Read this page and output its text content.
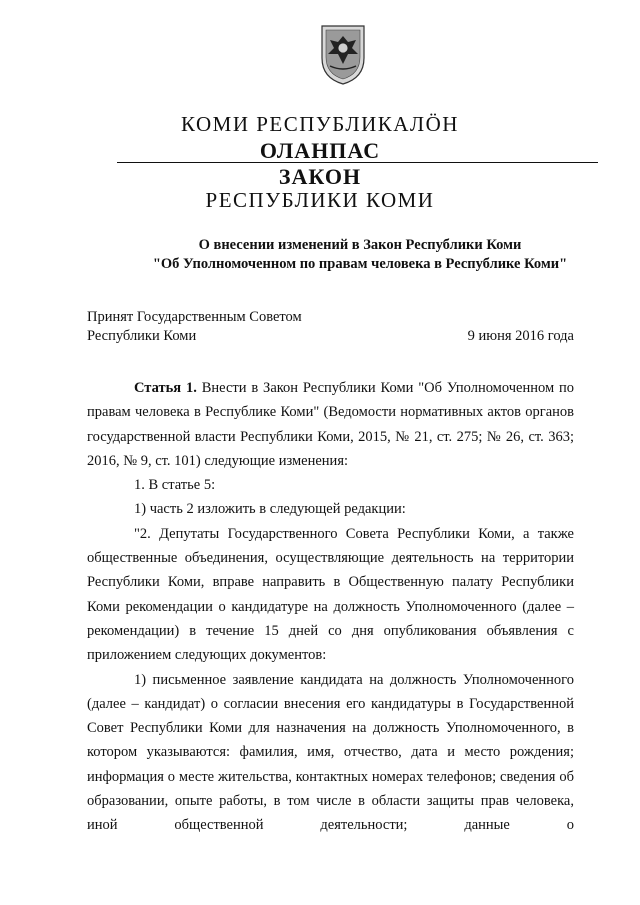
КОМИ РЕСПУБЛИКАЛÖН
ОЛАНПАС
ЗАКОН
РЕСПУБЛИКИ КОМИ
О внесении изменений в Закон Республики Коми
"Об Уполномоченном по правам человека в Республике Коми"
Принят Государственным Советом
Республики Коми	9 июня 2016 года

Статья 1. Внести в Закон Республики Коми "Об Уполномоченном по правам человека в Республике Коми" (Ведомости нормативных актов органов государственной власти Республики Коми, 2015, № 21, ст. 275; № 26, ст. 363; 2016, № 9, ст. 101) следующие изменения:

1. В статье 5:

1) часть 2 изложить в следующей редакции:

"2. Депутаты Государственного Совета Республики Коми, а также общественные объединения, осуществляющие деятельность на территории Республики Коми, вправе направить в Общественную палату Республики Коми рекомендации о кандидатуре на должность Уполномоченного (далее – рекомендации) в течение 15 дней со дня опубликования объявления с приложением следующих документов:

1) письменное заявление кандидата на должность Уполномоченного (далее – кандидат) о согласии внесения его кандидатуры в Государственной Совет Республики Коми для назначения на должность Уполномоченного, в котором указываются: фамилия, имя, отчество, дата и место рождения; информация о месте жительства, контактных номерах телефонов; сведения об образовании, опыте работы, в том числе в области защиты прав человека, иной общественной деятельности; данные о
